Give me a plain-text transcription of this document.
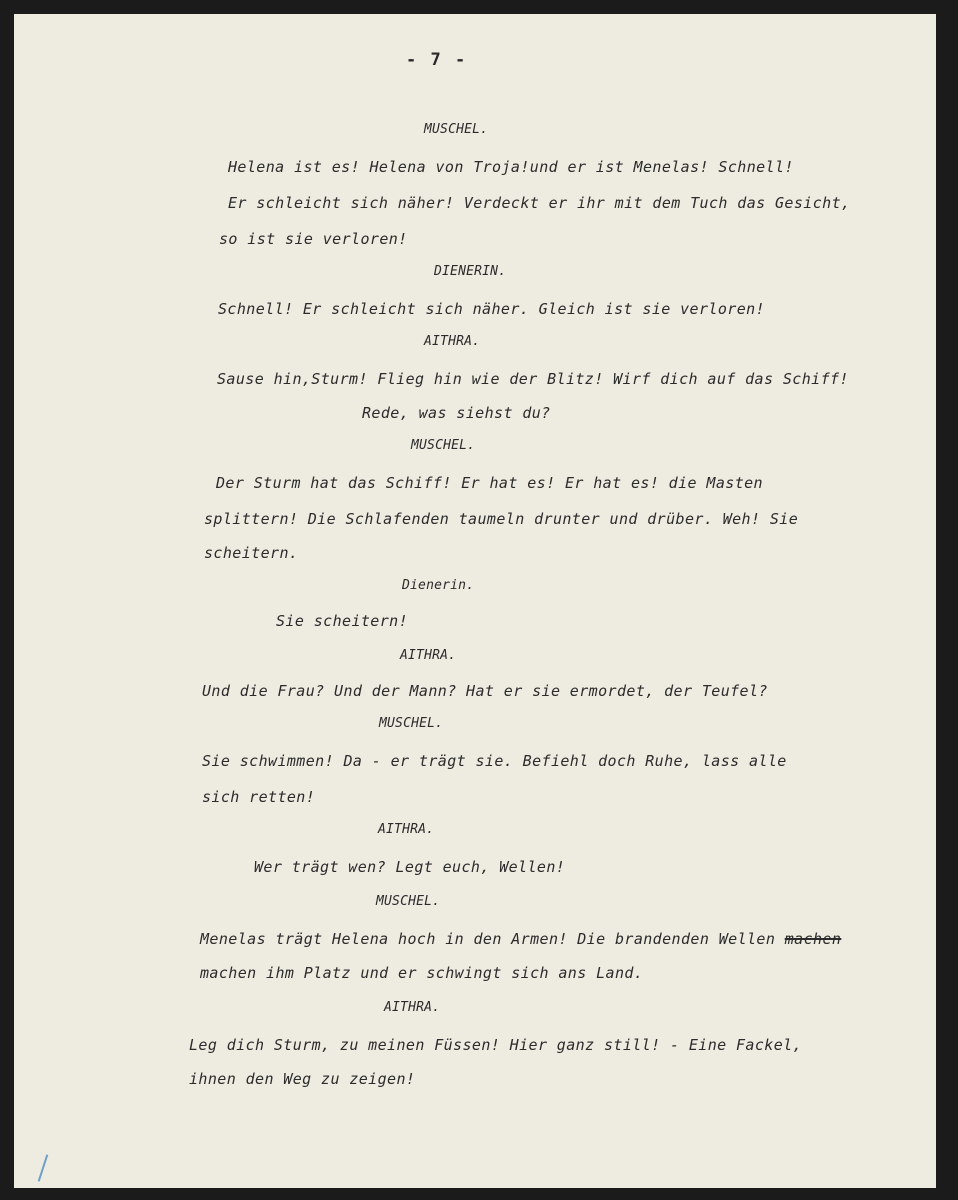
- 7 -
MUSCHEL.
Helena ist es! Helena von Troja!und er ist Menelas! Schnell!
Er schleicht sich näher! Verdeckt er ihr mit dem Tuch das Gesicht,
so ist sie verloren!
DIENERIN.
Schnell! Er schleicht sich näher. Gleich ist sie verloren!
AITHRA.
Sause hin,Sturm! Flieg hin wie der Blitz! Wirf dich auf das Schiff!
Rede, was siehst du?
MUSCHEL.
Der Sturm hat das Schiff! Er hat es! Er hat es! die Masten
splittern! Die Schlafenden taumeln drunter und drüber. Weh! Sie
scheitern.
Dienerin.
Sie scheitern!
AITHRA.
Und die Frau? Und der Mann? Hat er sie ermordet, der Teufel?
MUSCHEL.
Sie schwimmen! Da - er trägt sie. Befiehl doch Ruhe, lass alle
sich retten!
AITHRA.
Wer trägt wen? Legt euch, Wellen!
MUSCHEL.
Menelas trägt Helena hoch in den Armen! Die brandenden Wellen machen
machen ihm Platz und er schwingt sich ans Land.
AITHRA.
Leg dich Sturm, zu meinen Füssen! Hier ganz still! - Eine Fackel,
ihnen den Weg zu zeigen!
